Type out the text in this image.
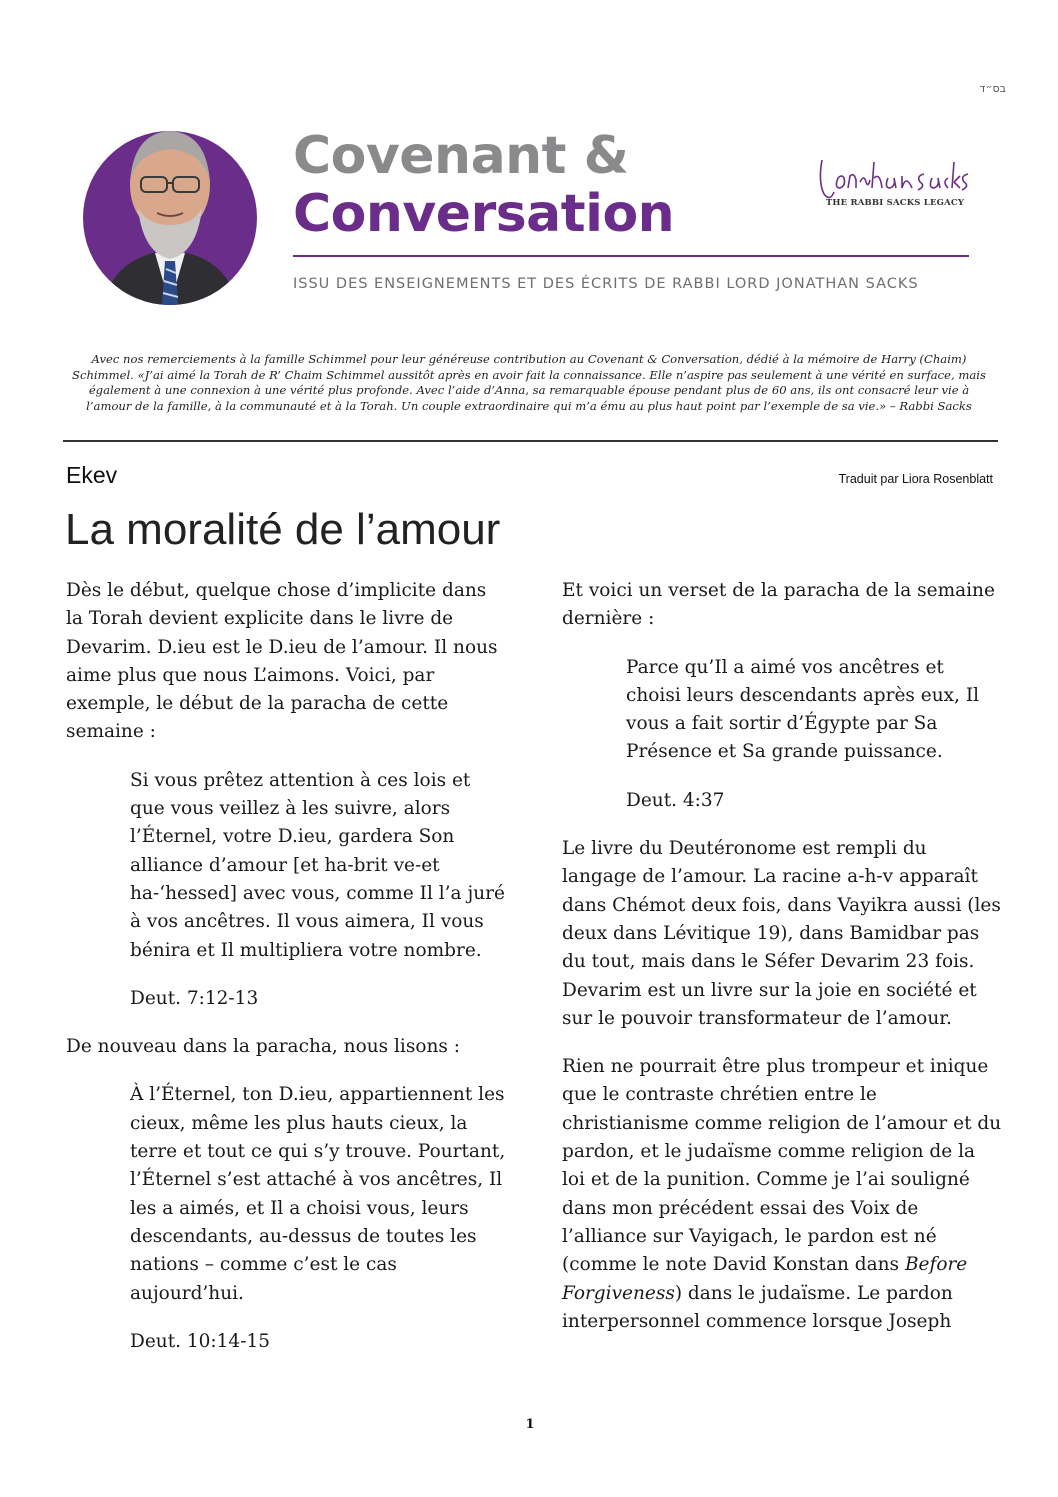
בס״ד
Covenant &
Conversation	THE RABBI SACKS LEGACY
ISSU DES ENSEIGNEMENTS ET DES ÉCRITS DE RABBI LORD JONATHAN SACKS
Avec nos remerciements à la famille Schimmel pour leur généreuse contribution au Covenant & Conversation, dédié à la mémoire de Harry (Chaim) Schimmel. «J’ai aimé la Torah de R’ Chaim Schimmel aussitôt après en avoir fait la connaissance. Elle n’aspire pas seulement à une vérité en surface, mais également à une connexion à une vérité plus profonde. Avec l’aide d’Anna, sa remarquable épouse pendant plus de 60 ans, ils ont consacré leur vie à l’amour de la famille, à la communauté et à la Torah. Un couple extraordinaire qui m’a ému au plus haut point par l’exemple de sa vie.» – Rabbi Sacks
Ekev	Traduit par Liora Rosenblatt
La moralité de l’amour

Dès le début, quelque chose d’implicite dans la Torah devient explicite dans le livre de Devarim. D.ieu est le D.ieu de l’amour. Il nous aime plus que nous L’aimons. Voici, par exemple, le début de la paracha de cette semaine :

Si vous prêtez attention à ces lois et que vous veillez à les suivre, alors l’Éternel, votre D.ieu, gardera Son alliance d’amour [et ha-brit ve-et ha-‘hessed] avec vous, comme Il l’a juré à vos ancêtres. Il vous aimera, Il vous bénira et Il multipliera votre nombre.

Deut. 7:12-13

De nouveau dans la paracha, nous lisons :

À l’Éternel, ton D.ieu, appartiennent les cieux, même les plus hauts cieux, la terre et tout ce qui s’y trouve. Pourtant, l’Éternel s’est attaché à vos ancêtres, Il les a aimés, et Il a choisi vous, leurs descendants, au-dessus de toutes les nations – comme c’est le cas aujourd’hui.

Deut. 10:14-15

Et voici un verset de la paracha de la semaine dernière :

Parce qu’Il a aimé vos ancêtres et choisi leurs descendants après eux, Il vous a fait sortir d’Égypte par Sa Présence et Sa grande puissance.

Deut. 4:37

Le livre du Deutéronome est rempli du langage de l’amour. La racine a-h-v apparaît dans Chémot deux fois, dans Vayikra aussi (les deux dans Lévitique 19), dans Bamidbar pas du tout, mais dans le Séfer Devarim 23 fois. Devarim est un livre sur la joie en société et sur le pouvoir transformateur de l’amour.

Rien ne pourrait être plus trompeur et inique que le contraste chrétien entre le christianisme comme religion de l’amour et du pardon, et le judaïsme comme religion de la loi et de la punition. Comme je l’ai souligné dans mon précédent essai des Voix de l’alliance sur Vayigach, le pardon est né (comme le note David Konstan dans Before Forgiveness) dans le judaïsme. Le pardon interpersonnel commence lorsque Joseph

1
